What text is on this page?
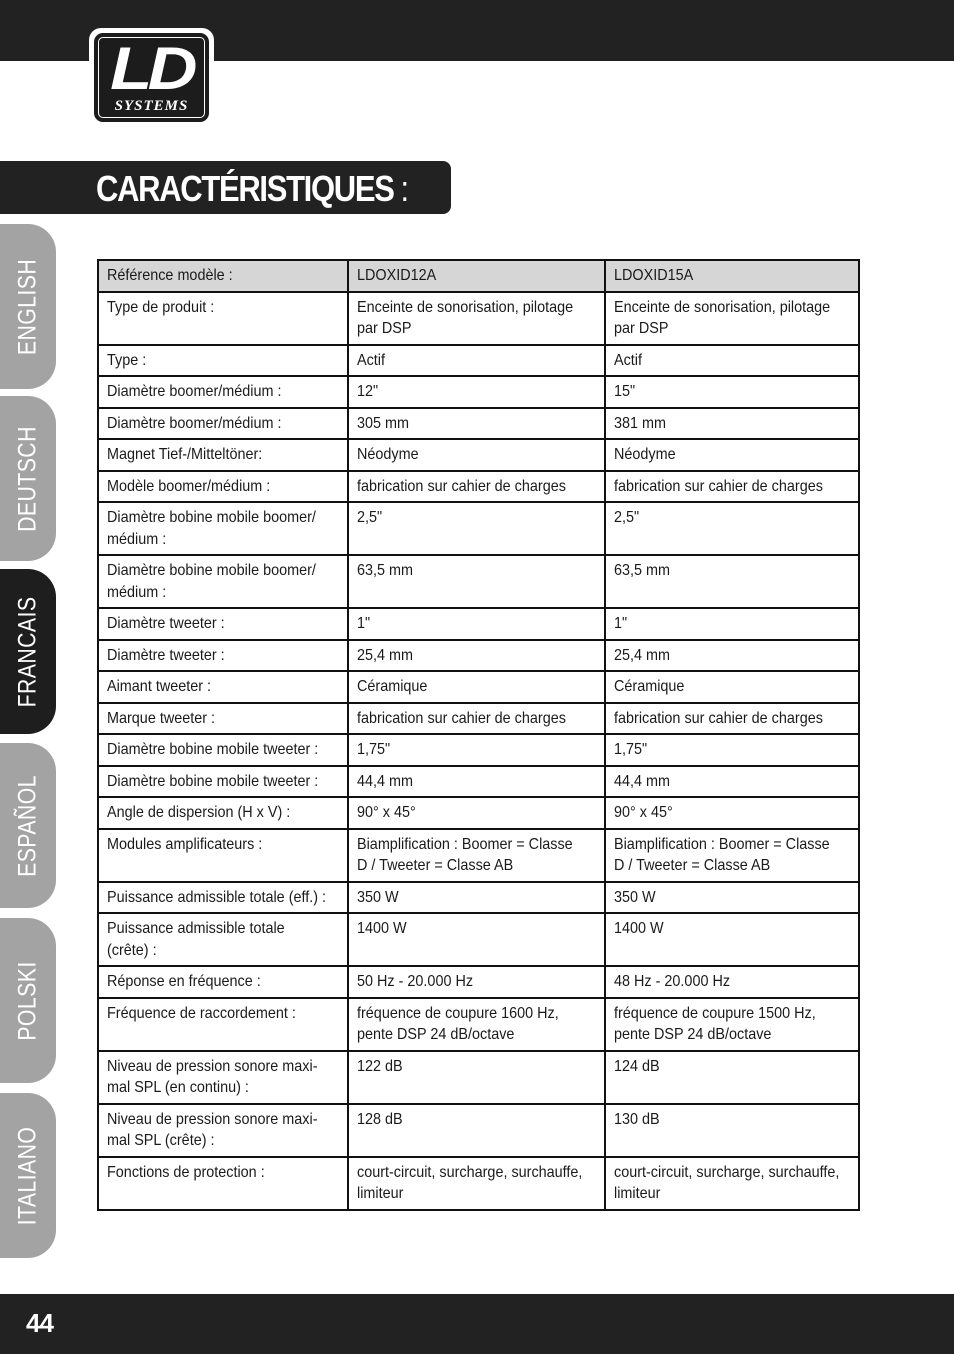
LD
SYSTEMS
CARACTÉRISTIQUES :
ENGLISH
DEUTSCH
FRANCAIS
ESPAÑOL
POLSKI
ITALIANO
Référence modèle :	LDOXID12A	LDOXID15A
Type de produit :	Enceinte de sonorisation, pilotage
par DSP	Enceinte de sonorisation, pilotage
par DSP
Type :	Actif	Actif
Diamètre boomer/médium :	12"	15"
Diamètre boomer/médium :	305 mm	381 mm
Magnet Tief-/Mitteltöner:	Néodyme	Néodyme
Modèle boomer/médium :	fabrication sur cahier de charges	fabrication sur cahier de charges
Diamètre bobine mobile boomer/
médium :	2,5"	2,5"
Diamètre bobine mobile boomer/
médium :	63,5 mm	63,5 mm
Diamètre tweeter :	1"	1"
Diamètre tweeter :	25,4 mm	25,4 mm
Aimant tweeter :	Céramique	Céramique
Marque tweeter :	fabrication sur cahier de charges	fabrication sur cahier de charges
Diamètre bobine mobile tweeter :	1,75"	1,75"
Diamètre bobine mobile tweeter :	44,4 mm	44,4 mm
Angle de dispersion (H x V) :	90° x 45°	90° x 45°
Modules amplificateurs :	Biamplification : Boomer = Classe
D / Tweeter = Classe AB	Biamplification : Boomer = Classe
D / Tweeter = Classe AB
Puissance admissible totale (eff.) :	350 W	350 W
Puissance admissible totale
(crête) :	1400 W	1400 W
Réponse en fréquence :	50 Hz - 20.000 Hz	48 Hz - 20.000 Hz
Fréquence de raccordement :	fréquence de coupure 1600 Hz,
pente DSP 24 dB/octave	fréquence de coupure 1500 Hz,
pente DSP 24 dB/octave
Niveau de pression sonore maxi-
mal SPL (en continu) :	122 dB	124 dB
Niveau de pression sonore maxi-
mal SPL (crête) :	128 dB	130 dB
Fonctions de protection :	court-circuit, surcharge, surchauffe,
limiteur	court-circuit, surcharge, surchauffe,
limiteur
44
